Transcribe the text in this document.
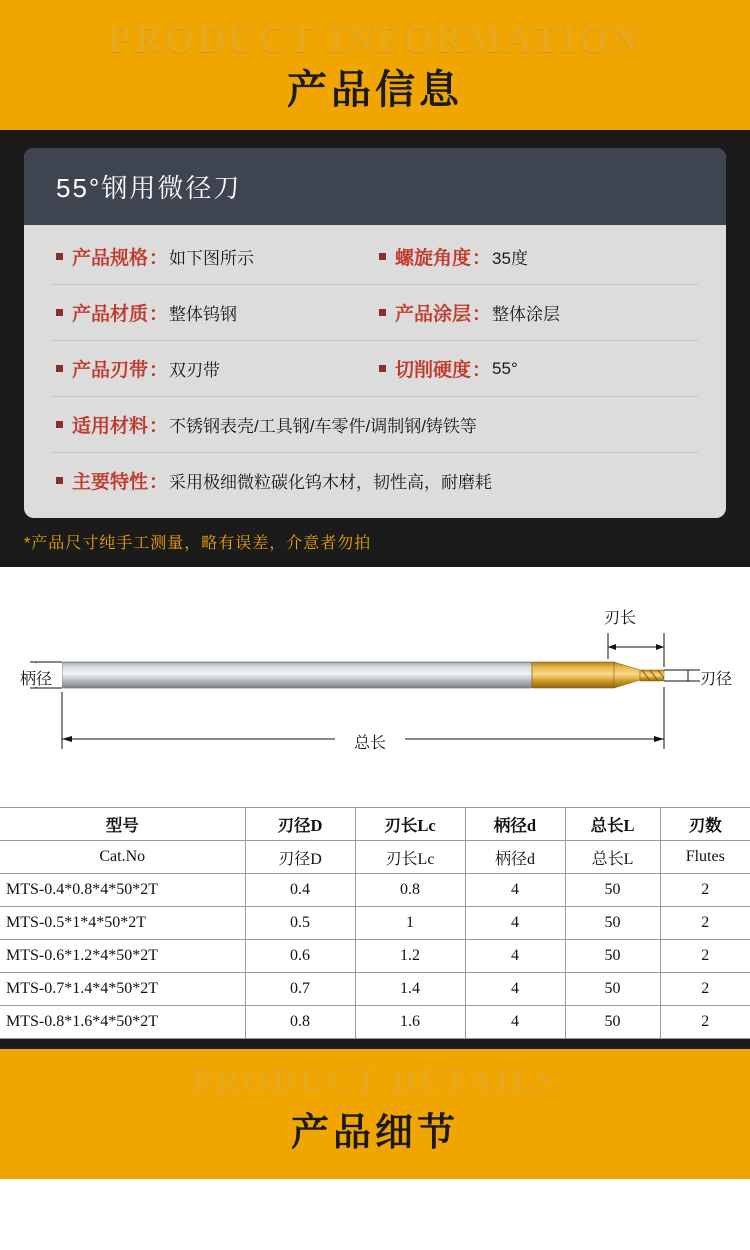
PRODUCT INFORMATION
产品信息
55°钢用微径刀
产品规格 ： 如下图所示	螺旋角度 ： 35度
产品材质 ： 整体钨钢	产品涂层 ： 整体涂层
产品刃带 ： 双刃带	切削硬度 ： 55°
适用材料 ： 不锈钢表壳/工具钢/车零件/调制钢/铸铁等
主要特性 ： 采用极细微粒碳化钨木材，韧性高，耐磨耗
*产品尺寸纯手工测量，略有误差，介意者勿拍
柄径
刃长
刃径
总长
型号	刃径D	刃长Lc	柄径d	总长L	刃数
Cat.No	刃径D	刃长Lc	柄径d	总长L	Flutes
MTS-0.4*0.8*4*50*2T	0.4	0.8	4	50	2
MTS-0.5*1*4*50*2T	0.5	1	4	50	2
MTS-0.6*1.2*4*50*2T	0.6	1.2	4	50	2
MTS-0.7*1.4*4*50*2T	0.7	1.4	4	50	2
MTS-0.8*1.6*4*50*2T	0.8	1.6	4	50	2
PRODUCT DETAILS
产品细节
